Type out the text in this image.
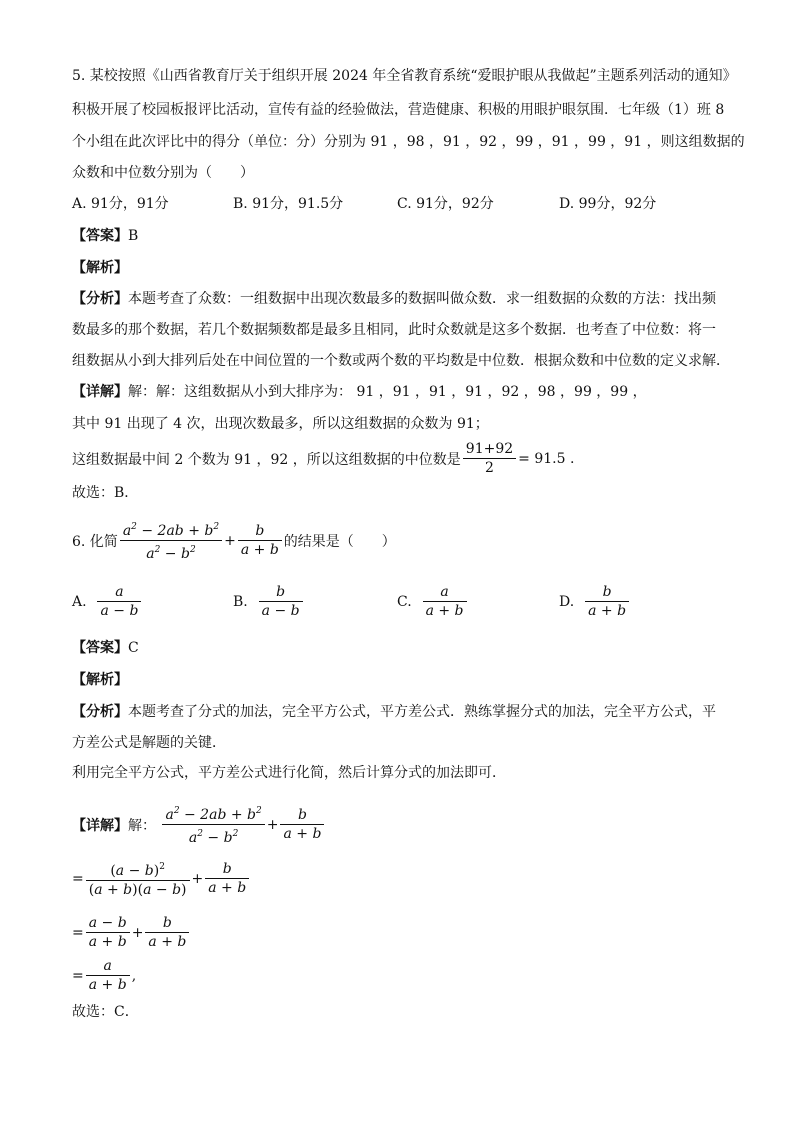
5. 某校按照《山西省教育厅关于组织开展 2024 年全省教育系统“爱眼护眼从我做起”主题系列活动的通知》
积极开展了校园板报评比活动，宣传有益的经验做法，营造健康、积极的用眼护眼氛围．七年级（1）班 8
个小组在此次评比中的得分（单位：分）分别为 91 ，98 ，91 ，92 ，99 ，91 ，99 ，91 ，则这组数据的
众数和中位数分别为（　　）
A. 91分，91分	B. 91分，91.5分	C. 91分，92分	D. 99分，92分
【答案】B
【解析】
【分析】本题考查了众数：一组数据中出现次数最多的数据叫做众数．求一组数据的众数的方法：找出频
数最多的那个数据，若几个数据频数都是最多且相同，此时众数就是这多个数据．也考查了中位数：将一
组数据从小到大排列后处在中间位置的一个数或两个数的平均数是中位数．根据众数和中位数的定义求解．
【详解】解：解：这组数据从小到大排序为： 91 ，91 ，91 ，91 ，92 ，98 ，99 ，99 ，
其中 91 出现了 4 次，出现次数最多，所以这组数据的众数为 91；
这组数据最中间 2 个数为 91 ，92 ，所以这组数据的中位数是 $\frac{91+92}{2} = 91.5$ .
故选：B．
6. 化简 $\frac{a^2 - 2ab + b^2}{a^2 - b^2} + \frac{b}{a + b}$ 的结果是（　　）
A.
$\frac{a}{a - b}$	B.
$\frac{b}{a - b}$	C.
$\frac{a}{a + b}$	D.
$\frac{b}{a + b}$
【答案】C
【解析】
【分析】本题考查了分式的加法，完全平方公式，平方差公式．熟练掌握分式的加法，完全平方公式，平
方差公式是解题的关键．
利用完全平方公式，平方差公式进行化简，然后计算分式的加法即可．
【详解】 解：
$\frac{a^2 - 2ab + b^2}{a^2 - b^2} + \frac{b}{a + b}$
= $\frac{(a - b)^2}{(a + b)(a - b)} + \frac{b}{a + b}$
= $\frac{a - b}{a + b} + \frac{b}{a + b}$
= $\frac{a}{a + b}$ ,
故选：C．
